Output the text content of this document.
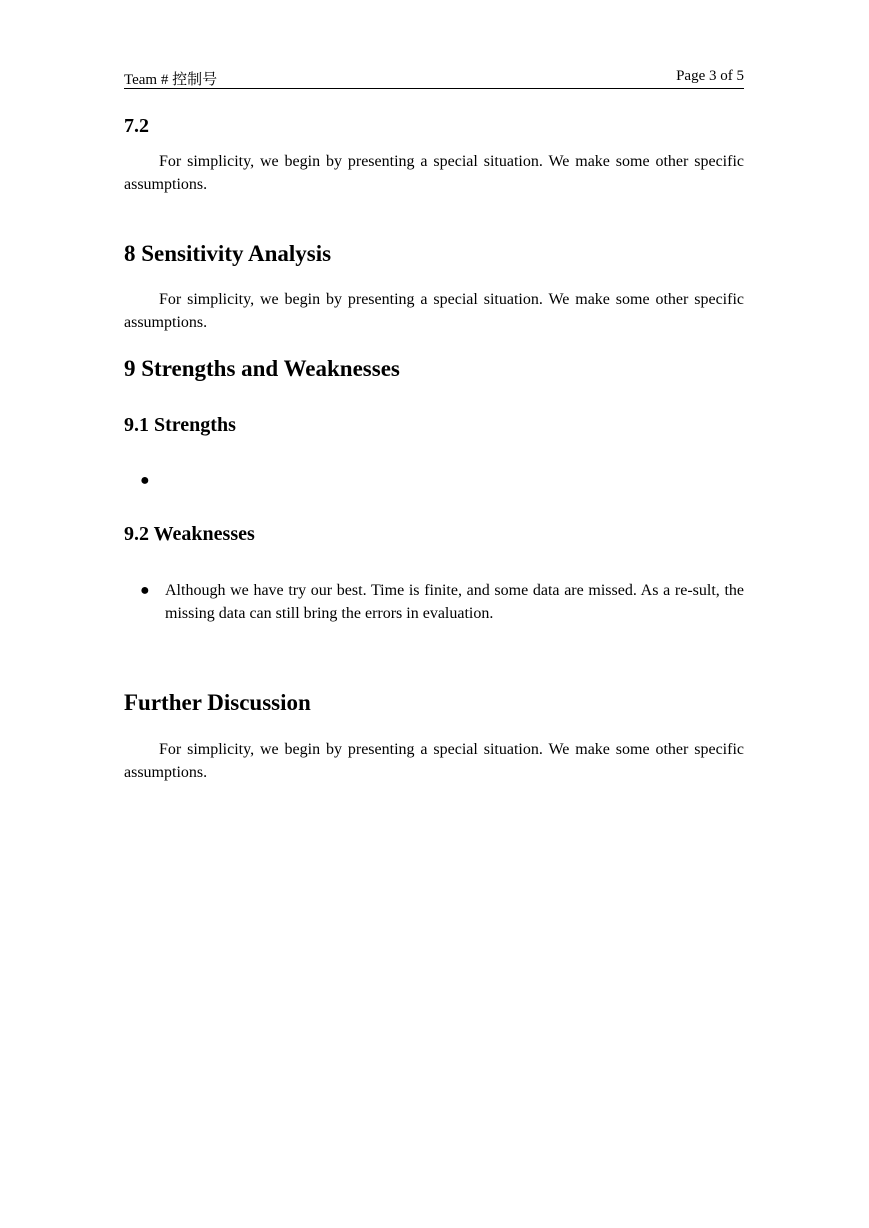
Team # 控制号	Page 3 of 5
7.2

For simplicity, we begin by presenting a special situation. We make some other specific assumptions.

8 Sensitivity Analysis

For simplicity, we begin by presenting a special situation. We make some other specific assumptions.

9 Strengths and Weaknesses
9.1 Strengths
●
9.2 Weaknesses
● Although we have try our best. Time is finite, and some data are missed. As a re-sult, the missing data can still bring the errors in evaluation.
Further Discussion

For simplicity, we begin by presenting a special situation. We make some other specific assumptions.
